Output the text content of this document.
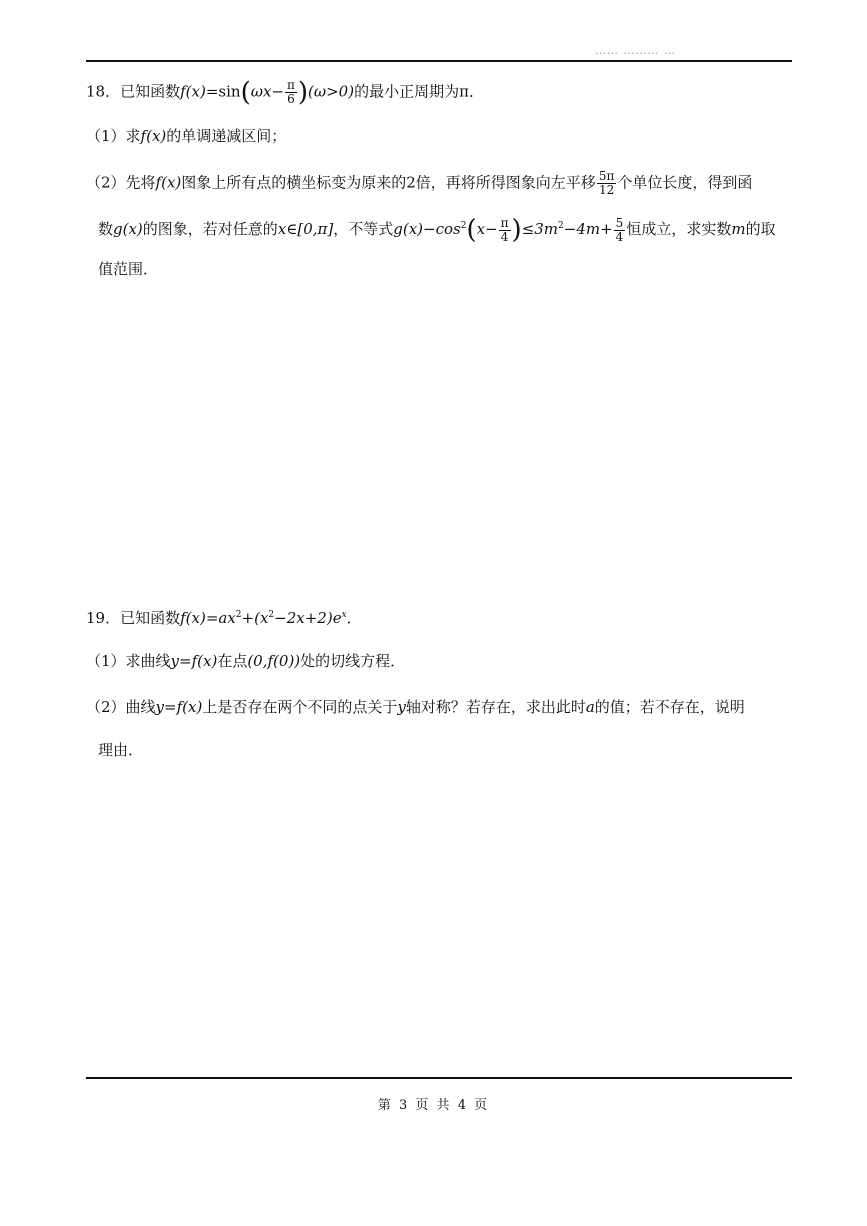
…… ……… …
18．已知函数$f(x)=\sin(\omega x- \frac{\pi}{6} )(\omega>0)$的最小正周期为π．
（1）求f(x)的单调递减区间；
（2）先将f(x)图象上所有点的横坐标变为原来的2倍，再将所得图象向左平移 $\frac{5\pi}{12}$ 个单位长度，得到函
数g(x)的图象，若对任意的x∈[0,π]，不等式$g(x)-\cos^2(x- \frac{\pi}{4} )\le 3m^2-4m+ \frac{5}{4}$ 恒成立，求实数m的取
值范围．
19．已知函数$f(x)=ax^2+(x^2-2x+2)e^x$．
（1）求曲线y=f(x)在点(0,f(0))处的切线方程．
（2）曲线y=f(x)上是否存在两个不同的点关于y轴对称？若存在，求出此时a的值；若不存在，说明
理由．
第 3 页 共 4 页
